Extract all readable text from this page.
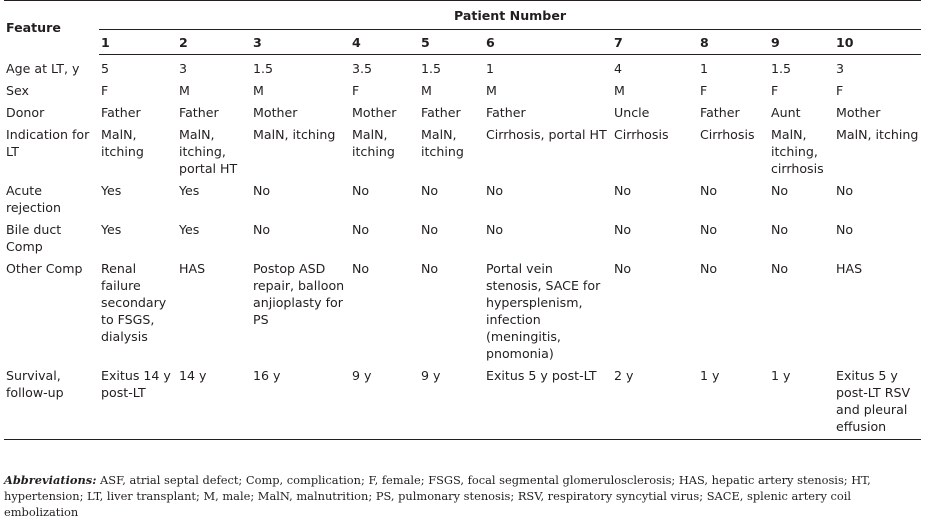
Feature	Patient Number									
	1	2	3	4	5	6	7	8	9	10
Age at LT, y	5	3	1.5	3.5	1.5	1	4	1	1.5	3
Sex	F	M	M	F	M	M	M	F	F	F
Donor	Father	Father	Mother	Mother	Father	Father	Uncle	Father	Aunt	Mother
Indication for LT	MalN, itching	MalN, itching, portal HT	MalN, itching	MalN, itching	MalN, itching	Cirrhosis, portal HT	Cirrhosis	Cirrhosis	MalN, itching, cirrhosis	MalN, itching
Acute rejection	Yes	Yes	No	No	No	No	No	No	No	No
Bile duct Comp	Yes	Yes	No	No	No	No	No	No	No	No
Other Comp	Renal failure secondary to FSGS, dialysis	HAS	Postop ASD repair, balloon anjioplasty for PS	No	No	Portal vein stenosis, SACE for hypersplenism, infection (meningitis, pnomonia)	No	No	No	HAS
Survival, follow-up	Exitus 14 y post-LT	14 y	16 y	9 y	9 y	Exitus 5 y post-LT	2 y	1 y	1 y	Exitus 5 y post-LT RSV and pleural effusion
Abbreviations: ASF, atrial septal defect; Comp, complication; F, female; FSGS, focal segmental glomerulosclerosis; HAS, hepatic artery stenosis; HT, hypertension; LT, liver transplant; M, male; MalN, malnutrition; PS, pulmonary stenosis; RSV, respiratory syncytial virus; SACE, splenic artery coil embolization
